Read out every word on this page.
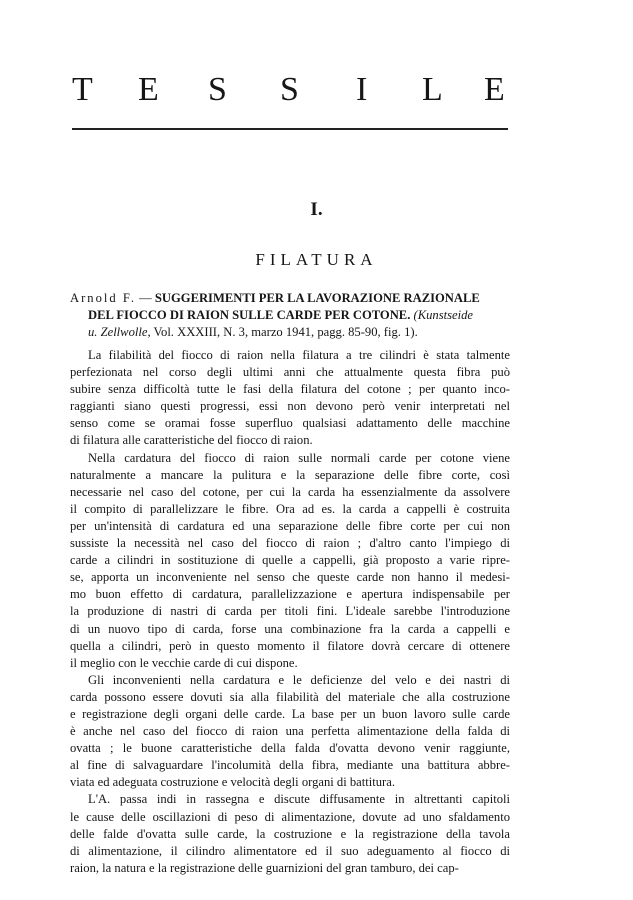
T E S S I L E
I.
FILATURA
Arnold F. — SUGGERIMENTI PER LA LAVORAZIONE RAZIONALE
DEL FIOCCO DI RAION SULLE CARDE PER COTONE. (Kunstseide
u. Zellwolle, Vol. XXXIII, N. 3, marzo 1941, pagg. 85-90, fig. 1).

La filabilità del fiocco di raion nella filatura a tre cilindri è stata talmente
perfezionata nel corso degli ultimi anni che attualmente questa fibra può
subire senza difficoltà tutte le fasi della filatura del cotone ; per quanto inco-
raggianti siano questi progressi, essi non devono però venir interpretati nel
senso come se oramai fosse superfluo qualsiasi adattamento delle macchine
di filatura alle caratteristiche del fiocco di raion.

Nella cardatura del fiocco di raion sulle normali carde per cotone viene
naturalmente a mancare la pulitura e la separazione delle fibre corte, così
necessarie nel caso del cotone, per cui la carda ha essenzialmente da assolvere
il compito di parallelizzare le fibre. Ora ad es. la carda a cappelli è costruita
per un'intensità di cardatura ed una separazione delle fibre corte per cui non
sussiste la necessità nel caso del fiocco di raion ; d'altro canto l'impiego di
carde a cilindri in sostituzione di quelle a cappelli, già proposto a varie ripre-
se, apporta un inconveniente nel senso che queste carde non hanno il medesi-
mo buon effetto di cardatura, parallelizzazione e apertura indispensabile per
la produzione di nastri di carda per titoli fini. L'ideale sarebbe l'introduzione
di un nuovo tipo di carda, forse una combinazione fra la carda a cappelli e
quella a cilindri, però in questo momento il filatore dovrà cercare di ottenere
il meglio con le vecchie carde di cui dispone.

Gli inconvenienti nella cardatura e le deficienze del velo e dei nastri di
carda possono essere dovuti sia alla filabilità del materiale che alla costruzione
e registrazione degli organi delle carde. La base per un buon lavoro sulle carde
è anche nel caso del fiocco di raion una perfetta alimentazione della falda di
ovatta ; le buone caratteristiche della falda d'ovatta devono venir raggiunte,
al fine di salvaguardare l'incolumità della fibra, mediante una battitura abbre-
viata ed adeguata costruzione e velocità degli organi di battitura.

L'A. passa indi in rassegna e discute diffusamente in altrettanti capitoli
le cause delle oscillazioni di peso di alimentazione, dovute ad uno sfaldamento
delle falde d'ovatta sulle carde, la costruzione e la registrazione della tavola
di alimentazione, il cilindro alimentatore ed il suo adeguamento al fiocco di
raion, la natura e la registrazione delle guarnizioni del gran tamburo, dei cap-
